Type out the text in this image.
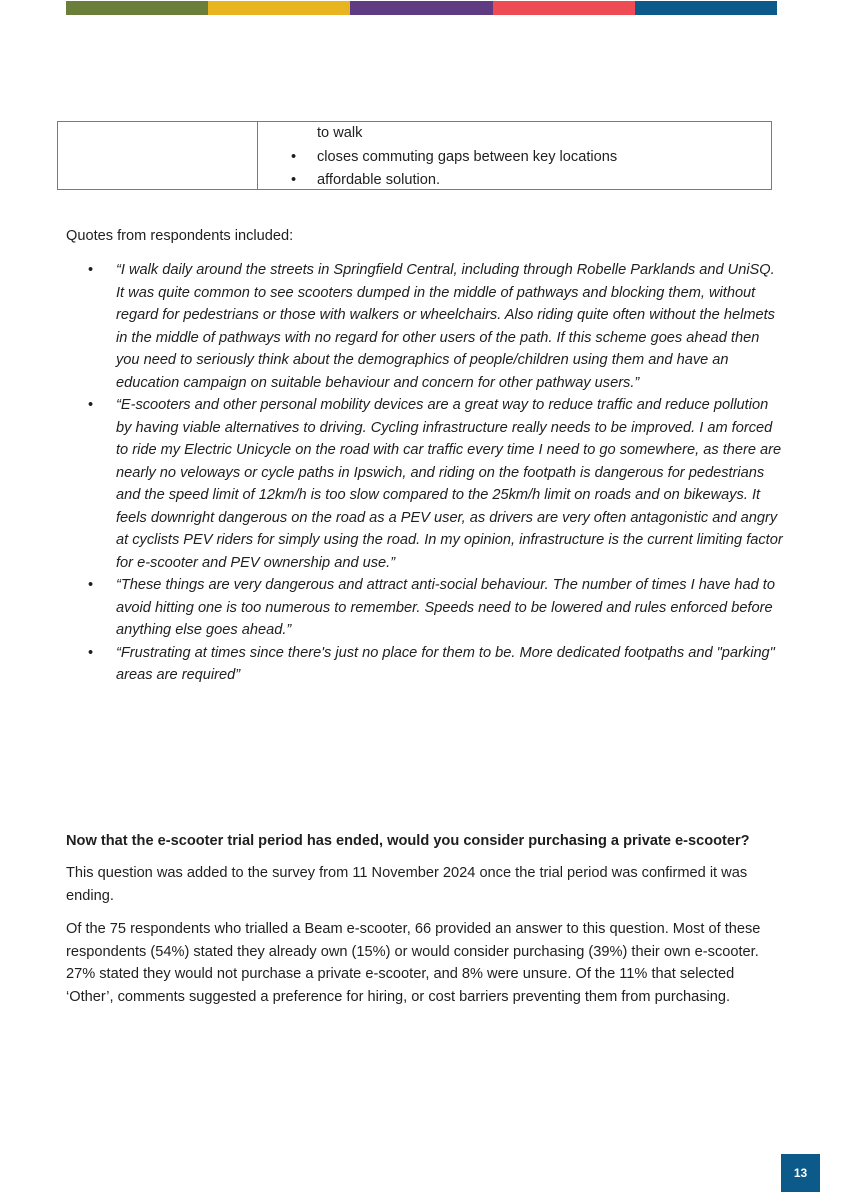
to walk
• closes commuting gaps between key locations
• affordable solution.

Quotes from respondents included:

• “I walk daily around the streets in Springfield Central, including through Robelle Parklands and UniSQ. It was quite common to see scooters dumped in the middle of pathways and blocking them, without regard for pedestrians or those with walkers or wheelchairs. Also riding quite often without the helmets in the middle of pathways with no regard for other users of the path. If this scheme goes ahead then you need to seriously think about the demographics of people/children using them and have an education campaign on suitable behaviour and concern for other pathway users.”
• “E-scooters and other personal mobility devices are a great way to reduce traffic and reduce pollution by having viable alternatives to driving. Cycling infrastructure really needs to be improved. I am forced to ride my Electric Unicycle on the road with car traffic every time I need to go somewhere, as there are nearly no veloways or cycle paths in Ipswich, and riding on the footpath is dangerous for pedestrians and the speed limit of 12km/h is too slow compared to the 25km/h limit on roads and on bikeways. It feels downright dangerous on the road as a PEV user, as drivers are very often antagonistic and angry at cyclists PEV riders for simply using the road. In my opinion, infrastructure is the current limiting factor for e-scooter and PEV ownership and use.”
• “These things are very dangerous and attract anti-social behaviour. The number of times I have had to avoid hitting one is too numerous to remember. Speeds need to be lowered and rules enforced before anything else goes ahead.”
• “Frustrating at times since there's just no place for them to be. More dedicated footpaths and "parking" areas are required”

Now that the e-scooter trial period has ended, would you consider purchasing a private e-scooter?

This question was added to the survey from 11 November 2024 once the trial period was confirmed it was ending.

Of the 75 respondents who trialled a Beam e-scooter, 66 provided an answer to this question. Most of these respondents (54%) stated they already own (15%) or would consider purchasing (39%) their own e-scooter. 27% stated they would not purchase a private e-scooter, and 8% were unsure. Of the 11% that selected ‘Other’, comments suggested a preference for hiring, or cost barriers preventing them from purchasing.

13
